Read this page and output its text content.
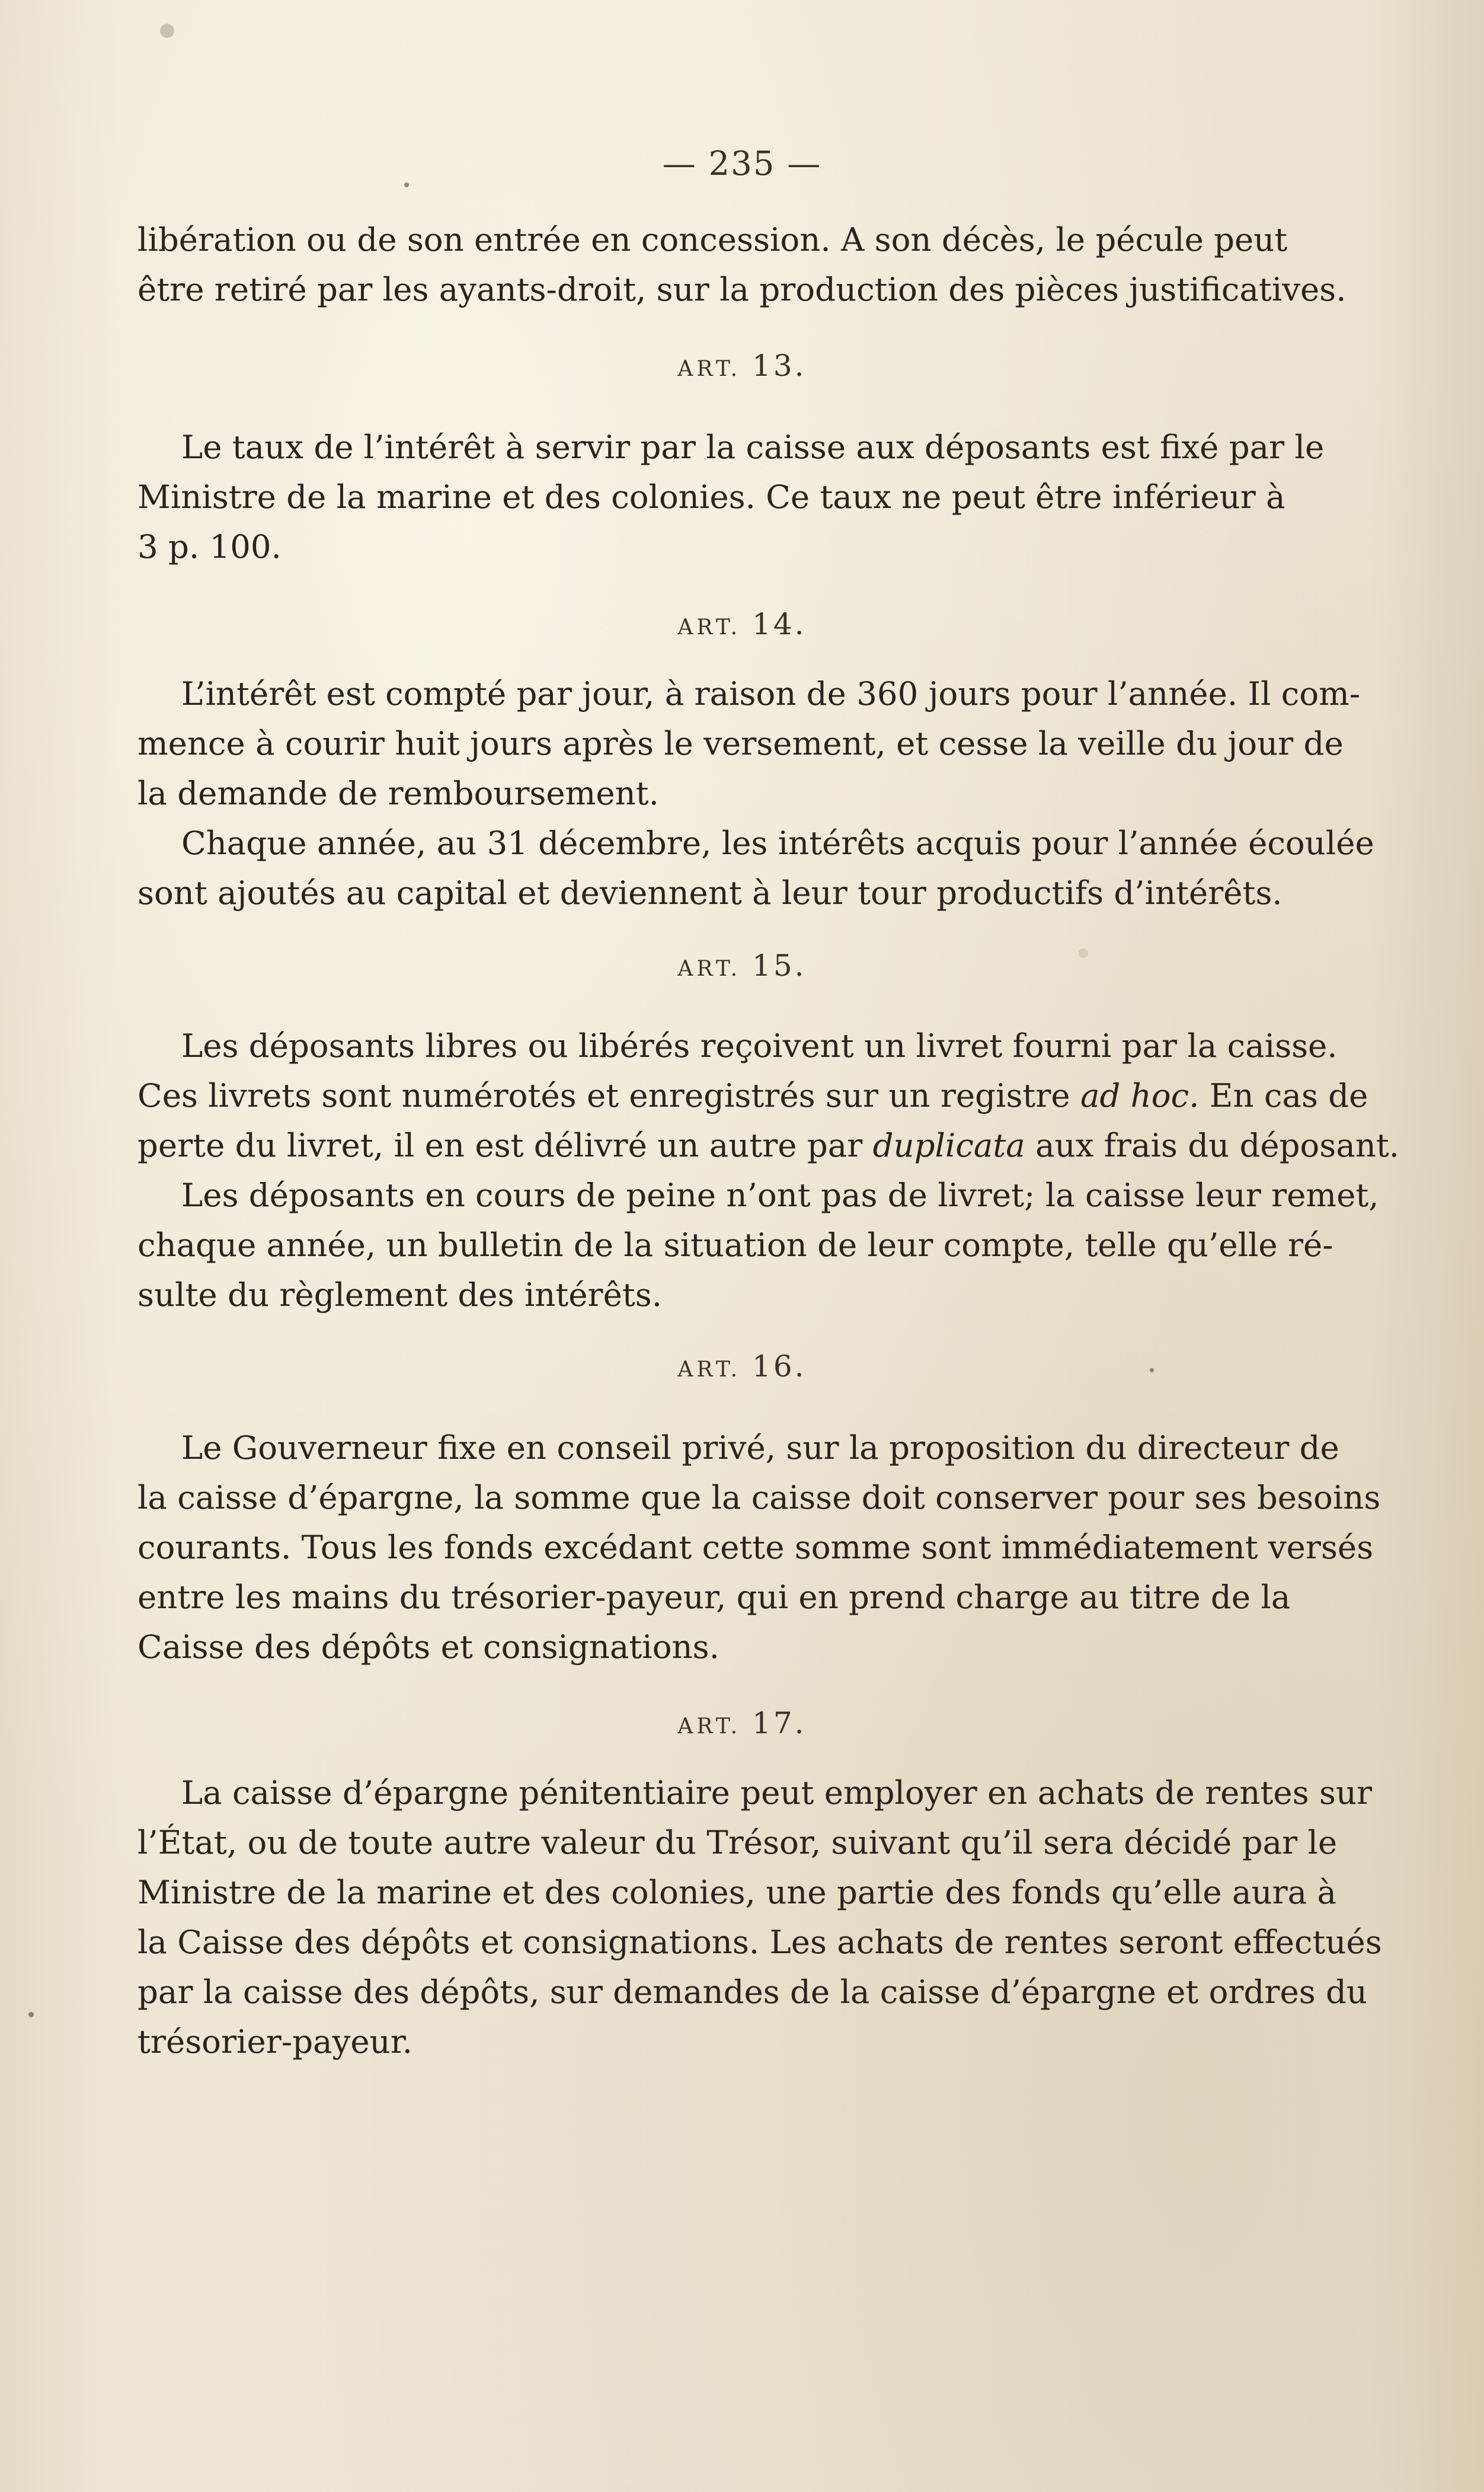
— 235 —
libération ou de son entrée en concession. A son décès, le pécule peut
être retiré par les ayants-droit, sur la production des pièces justificatives.
ART. 13.
Le taux de l’intérêt à servir par la caisse aux déposants est fixé par le
Ministre de la marine et des colonies. Ce taux ne peut être inférieur à
3 p. 100.
ART. 14.
L’intérêt est compté par jour, à raison de 360 jours pour l’année. Il com-
mence à courir huit jours après le versement, et cesse la veille du jour de
la demande de remboursement.
Chaque année, au 31 décembre, les intérêts acquis pour l’année écoulée
sont ajoutés au capital et deviennent à leur tour productifs d’intérêts.
ART. 15.
Les déposants libres ou libérés reçoivent un livret fourni par la caisse.
Ces livrets sont numérotés et enregistrés sur un registre ad hoc. En cas de
perte du livret, il en est délivré un autre par duplicata aux frais du déposant.
Les déposants en cours de peine n’ont pas de livret; la caisse leur remet,
chaque année, un bulletin de la situation de leur compte, telle qu’elle ré-
sulte du règlement des intérêts.
ART. 16.
Le Gouverneur fixe en conseil privé, sur la proposition du directeur de
la caisse d’épargne, la somme que la caisse doit conserver pour ses besoins
courants. Tous les fonds excédant cette somme sont immédiatement versés
entre les mains du trésorier-payeur, qui en prend charge au titre de la
Caisse des dépôts et consignations.
ART. 17.
La caisse d’épargne pénitentiaire peut employer en achats de rentes sur
l’État, ou de toute autre valeur du Trésor, suivant qu’il sera décidé par le
Ministre de la marine et des colonies, une partie des fonds qu’elle aura à
la Caisse des dépôts et consignations. Les achats de rentes seront effectués
par la caisse des dépôts, sur demandes de la caisse d’épargne et ordres du
trésorier-payeur.
